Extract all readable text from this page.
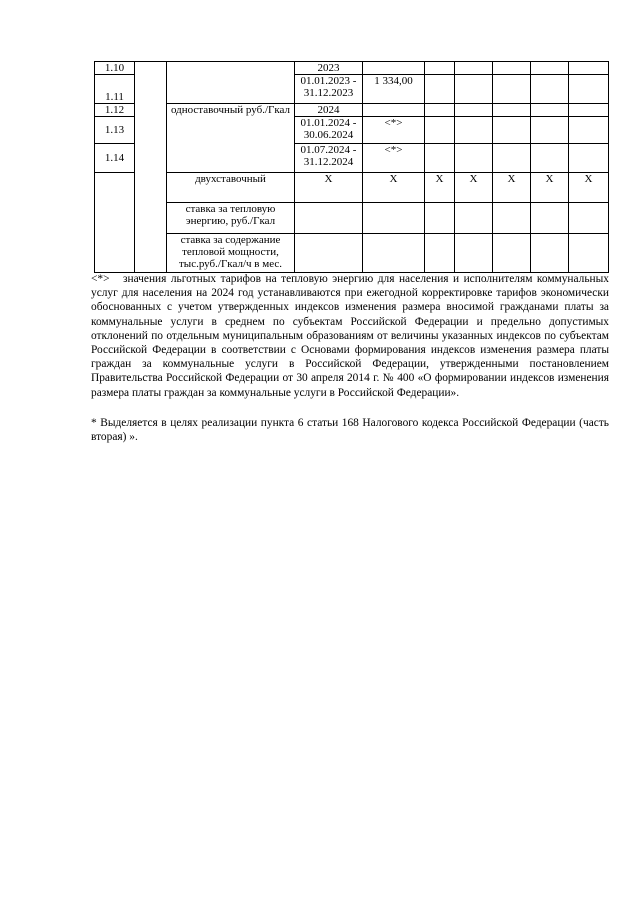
1.10			2023						
1.11			01.01.2023 - 31.12.2023	1 334,00					
1.12		одноставочный руб./Гкал	2024						
1.13			01.01.2024 - 30.06.2024	<*>					
1.14			01.07.2024 - 31.12.2024	<*>					
		двухставочный	X	X	X	X	X	X	X
		ставка за тепловую энергию, руб./Гкал							
		ставка за содержание тепловой мощности, тыс.руб./Гкал/ч в мес.							

<*> значения льготных тарифов на тепловую энергию для населения и исполнителям коммунальных услуг для населения на 2024 год устанавливаются при ежегодной корректировке тарифов экономически обоснованных с учетом утвержденных индексов изменения размера вносимой гражданами платы за коммунальные услуги в среднем по субъектам Российской Федерации и предельно допустимых отклонений по отдельным муниципальным образованиям от величины указанных индексов по субъектам Российской Федерации в соответствии с Основами формирования индексов изменения размера платы граждан за коммунальные услуги в Российской Федерации, утвержденными постановлением Правительства Российской Федерации от 30 апреля 2014 г. № 400 «О формировании индексов изменения размера платы граждан за коммунальные услуги в Российской Федерации».

* Выделяется в целях реализации пункта 6 статьи 168 Налогового кодекса Российской Федерации (часть вторая) ».
